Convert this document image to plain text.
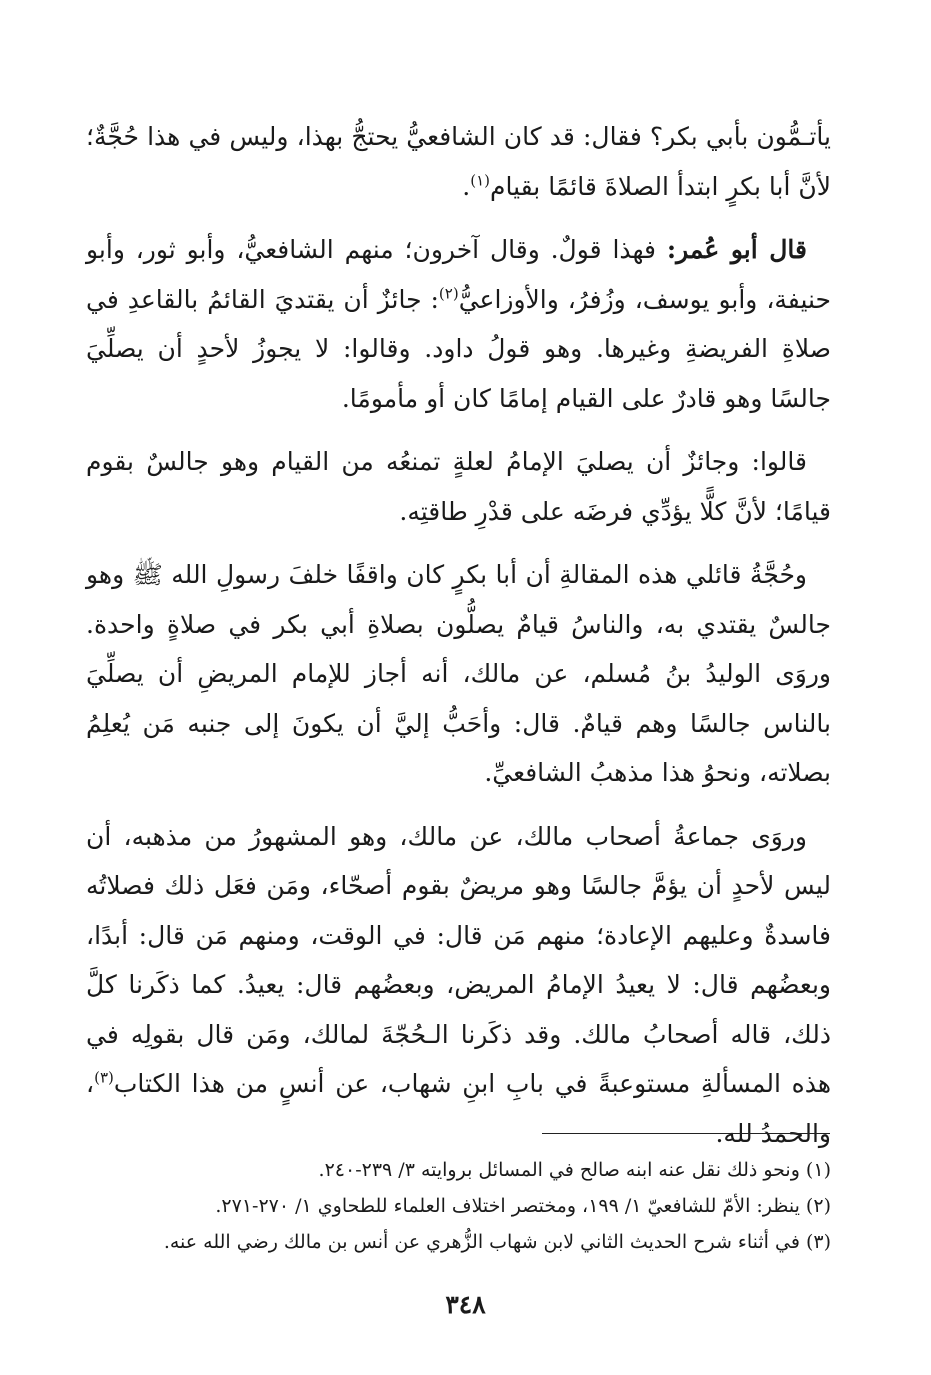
يأتـمُّون بأبي بكر؟ فقال: قد كان الشافعيُّ يحتجُّ بهذا، وليس في هذا حُجَّةٌ؛ لأنَّ أبا بكرٍ ابتدأ الصلاةَ قائمًا بقيام$^{(١)}$.

قال أبو عُمر: فهذا قولٌ. وقال آخرون؛ منهم الشافعيُّ، وأبو ثور، وأبو حنيفة، وأبو يوسف، وزُفرُ، والأوزاعيُّ$^{(٢)}$: جائزٌ أن يقتديَ القائمُ بالقاعدِ في صلاةِ الفريضةِ وغيرها. وهو قولُ داود. وقالوا: لا يجوزُ لأحدٍ أن يصلِّيَ جالسًا وهو قادرٌ على القيام إمامًا كان أو مأمومًا.

قالوا: وجائزٌ أن يصليَ الإمامُ لعلةٍ تمنعُه من القيام وهو جالسٌ بقوم قيامًا؛ لأنَّ كلًّا يؤدِّي فرضَه على قدْرِ طاقتِه.

وحُجَّةُ قائلي هذه المقالةِ أن أبا بكرٍ كان واقفًا خلفَ رسولِ الله ﷺ وهو جالسٌ يقتدي به، والناسُ قيامٌ يصلُّون بصلاةِ أبي بكر في صلاةٍ واحدة. وروَى الوليدُ بنُ مُسلم، عن مالك، أنه أجاز للإمام المريضِ أن يصلِّيَ بالناس جالسًا وهم قيامٌ. قال: وأحَبُّ إليَّ أن يكونَ إلى جنبه مَن يُعلِمُ بصلاته، ونحوُ هذا مذهبُ الشافعيِّ.

وروَى جماعةُ أصحاب مالك، عن مالك، وهو المشهورُ من مذهبه، أن ليس لأحدٍ أن يؤمَّ جالسًا وهو مريضٌ بقوم أصحّاء، ومَن فعَل ذلك فصلاتُه فاسدةٌ وعليهم الإعادة؛ منهم مَن قال: في الوقت، ومنهم مَن قال: أبدًا، وبعضُهم قال: لا يعيدُ الإمامُ المريض، وبعضُهم قال: يعيدُ. كما ذكَرنا كلَّ ذلك، قاله أصحابُ مالك. وقد ذكَرنا الـحُجّةَ لمالك، ومَن قال بقولِه في هذه المسألةِ مستوعبةً في بابِ ابنِ شهاب، عن أنسٍ من هذا الكتاب$^{(٣)}$، والحمدُ لله.

(١) ونحو ذلك نقل عنه ابنه صالح في المسائل بروايته ٣/ ٢٣٩-٢٤٠.

(٢) ينظر: الأمّ للشافعيّ ١/ ١٩٩، ومختصر اختلاف العلماء للطحاوي ١/ ٢٧٠-٢٧١.

(٣) في أثناء شرح الحديث الثاني لابن شهاب الزُّهري عن أنس بن مالك رضي الله عنه.

٣٤٨
